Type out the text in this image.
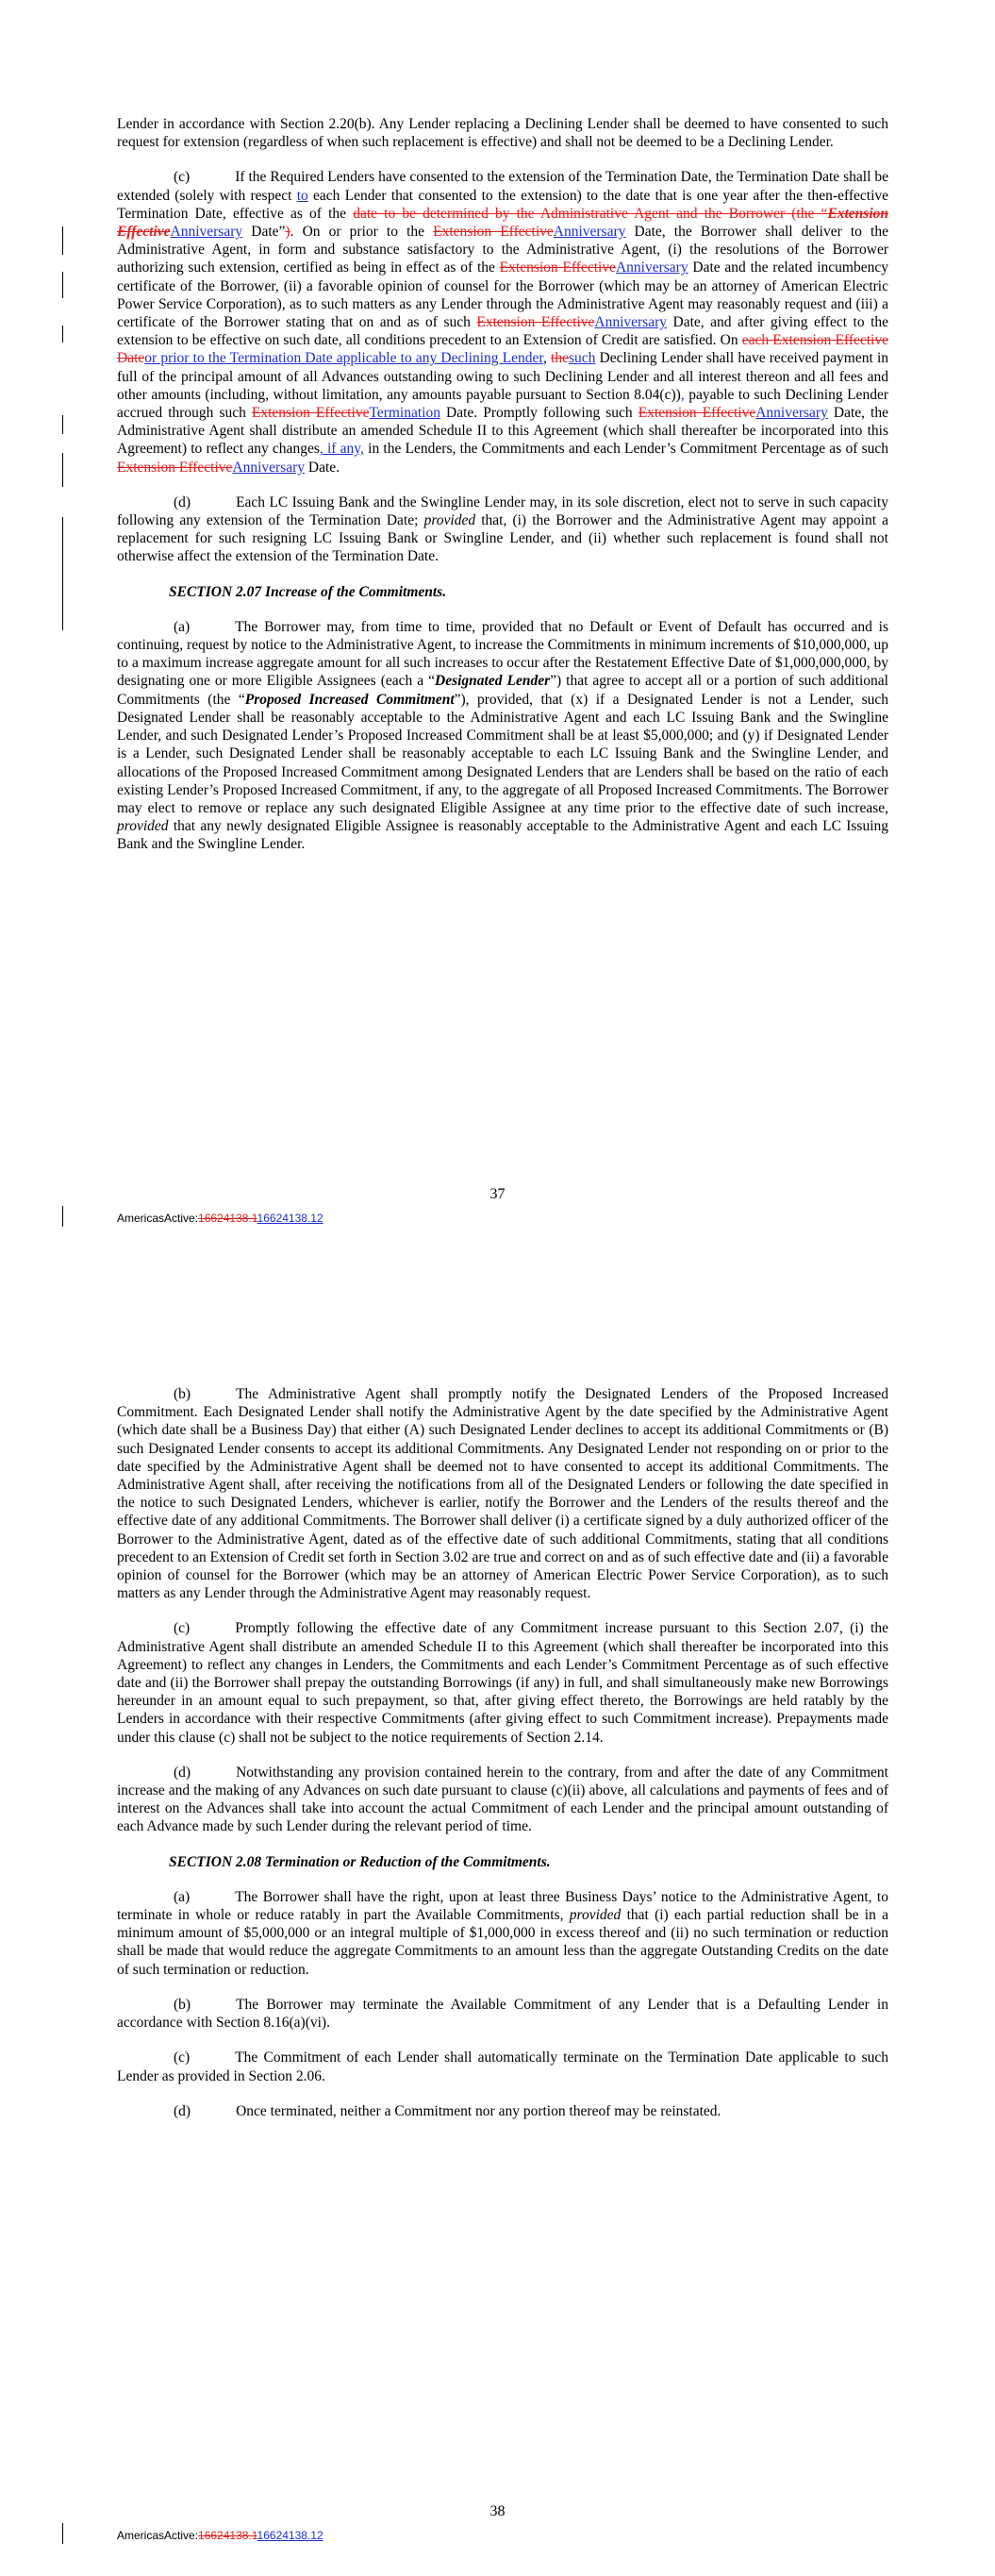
Lender in accordance with Section 2.20(b). Any Lender replacing a Declining Lender shall be deemed to have consented to such request for extension (regardless of when such replacement is effective) and shall not be deemed to be a Declining Lender.

(c)	If the Required Lenders have consented to the extension of the Termination Date, the Termination Date shall be extended (solely with respect to each Lender that consented to the extension) to the date that is one year after the then-effective Termination Date, effective as of the date to be determined by the Administrative Agent and the Borrower (the “Extension EffectiveAnniversary Date”). On or prior to the Extension EffectiveAnniversary Date, the Borrower shall deliver to the Administrative Agent, in form and substance satisfactory to the Administrative Agent, (i) the resolutions of the Borrower authorizing such extension, certified as being in effect as of the Extension EffectiveAnniversary Date and the related incumbency certificate of the Borrower, (ii) a favorable opinion of counsel for the Borrower (which may be an attorney of American Electric Power Service Corporation), as to such matters as any Lender through the Administrative Agent may reasonably request and (iii) a certificate of the Borrower stating that on and as of such Extension EffectiveAnniversary Date, and after giving effect to the extension to be effective on such date, all conditions precedent to an Extension of Credit are satisfied. On each Extension Effective Dateor prior to the Termination Date applicable to any Declining Lender, thesuch Declining Lender shall have received payment in full of the principal amount of all Advances outstanding owing to such Declining Lender and all interest thereon and all fees and other amounts (including, without limitation, any amounts payable pursuant to Section 8.04(c)), payable to such Declining Lender accrued through such Extension EffectiveTermination Date. Promptly following such Extension EffectiveAnniversary Date, the Administrative Agent shall distribute an amended Schedule II to this Agreement (which shall thereafter be incorporated into this Agreement) to reflect any changes, if any, in the Lenders, the Commitments and each Lender’s Commitment Percentage as of such Extension EffectiveAnniversary Date.

(d)	Each LC Issuing Bank and the Swingline Lender may, in its sole discretion, elect not to serve in such capacity following any extension of the Termination Date; provided that, (i) the Borrower and the Administrative Agent may appoint a replacement for such resigning LC Issuing Bank or Swingline Lender, and (ii) whether such replacement is found shall not otherwise affect the extension of the Termination Date.

SECTION 2.07 Increase of the Commitments.

(a)	The Borrower may, from time to time, provided that no Default or Event of Default has occurred and is continuing, request by notice to the Administrative Agent, to increase the Commitments in minimum increments of $10,000,000, up to a maximum increase aggregate amount for all such increases to occur after the Restatement Effective Date of $1,000,000,000, by designating one or more Eligible Assignees (each a “Designated Lender”) that agree to accept all or a portion of such additional Commitments (the “Proposed Increased Commitment”), provided, that (x) if a Designated Lender is not a Lender, such Designated Lender shall be reasonably acceptable to the Administrative Agent and each LC Issuing Bank and the Swingline Lender, and such Designated Lender’s Proposed Increased Commitment shall be at least $5,000,000; and (y) if Designated Lender is a Lender, such Designated Lender shall be reasonably acceptable to each LC Issuing Bank and the Swingline Lender, and allocations of the Proposed Increased Commitment among Designated Lenders that are Lenders shall be based on the ratio of each existing Lender’s Proposed Increased Commitment, if any, to the aggregate of all Proposed Increased Commitments. The Borrower may elect to remove or replace any such designated Eligible Assignee at any time prior to the effective date of such increase, provided that any newly designated Eligible Assignee is reasonably acceptable to the Administrative Agent and each LC Issuing Bank and the Swingline Lender.

37
AmericasActive:16624138.116624138.12

(b)	The Administrative Agent shall promptly notify the Designated Lenders of the Proposed Increased Commitment. Each Designated Lender shall notify the Administrative Agent by the date specified by the Administrative Agent (which date shall be a Business Day) that either (A) such Designated Lender declines to accept its additional Commitments or (B) such Designated Lender consents to accept its additional Commitments. Any Designated Lender not responding on or prior to the date specified by the Administrative Agent shall be deemed not to have consented to accept its additional Commitments. The Administrative Agent shall, after receiving the notifications from all of the Designated Lenders or following the date specified in the notice to such Designated Lenders, whichever is earlier, notify the Borrower and the Lenders of the results thereof and the effective date of any additional Commitments. The Borrower shall deliver (i) a certificate signed by a duly authorized officer of the Borrower to the Administrative Agent, dated as of the effective date of such additional Commitments, stating that all conditions precedent to an Extension of Credit set forth in Section 3.02 are true and correct on and as of such effective date and (ii) a favorable opinion of counsel for the Borrower (which may be an attorney of American Electric Power Service Corporation), as to such matters as any Lender through the Administrative Agent may reasonably request.

(c)	Promptly following the effective date of any Commitment increase pursuant to this Section 2.07, (i) the Administrative Agent shall distribute an amended Schedule II to this Agreement (which shall thereafter be incorporated into this Agreement) to reflect any changes in Lenders, the Commitments and each Lender’s Commitment Percentage as of such effective date and (ii) the Borrower shall prepay the outstanding Borrowings (if any) in full, and shall simultaneously make new Borrowings hereunder in an amount equal to such prepayment, so that, after giving effect thereto, the Borrowings are held ratably by the Lenders in accordance with their respective Commitments (after giving effect to such Commitment increase). Prepayments made under this clause (c) shall not be subject to the notice requirements of Section 2.14.

(d)	Notwithstanding any provision contained herein to the contrary, from and after the date of any Commitment increase and the making of any Advances on such date pursuant to clause (c)(ii) above, all calculations and payments of fees and of interest on the Advances shall take into account the actual Commitment of each Lender and the principal amount outstanding of each Advance made by such Lender during the relevant period of time.

SECTION 2.08 Termination or Reduction of the Commitments.

(a)	The Borrower shall have the right, upon at least three Business Days’ notice to the Administrative Agent, to terminate in whole or reduce ratably in part the Available Commitments, provided that (i) each partial reduction shall be in a minimum amount of $5,000,000 or an integral multiple of $1,000,000 in excess thereof and (ii) no such termination or reduction shall be made that would reduce the aggregate Commitments to an amount less than the aggregate Outstanding Credits on the date of such termination or reduction.

(b)	The Borrower may terminate the Available Commitment of any Lender that is a Defaulting Lender in accordance with Section 8.16(a)(vi).

(c)	The Commitment of each Lender shall automatically terminate on the Termination Date applicable to such Lender as provided in Section 2.06.

(d)	Once terminated, neither a Commitment nor any portion thereof may be reinstated.

38
AmericasActive:16624138.116624138.12
